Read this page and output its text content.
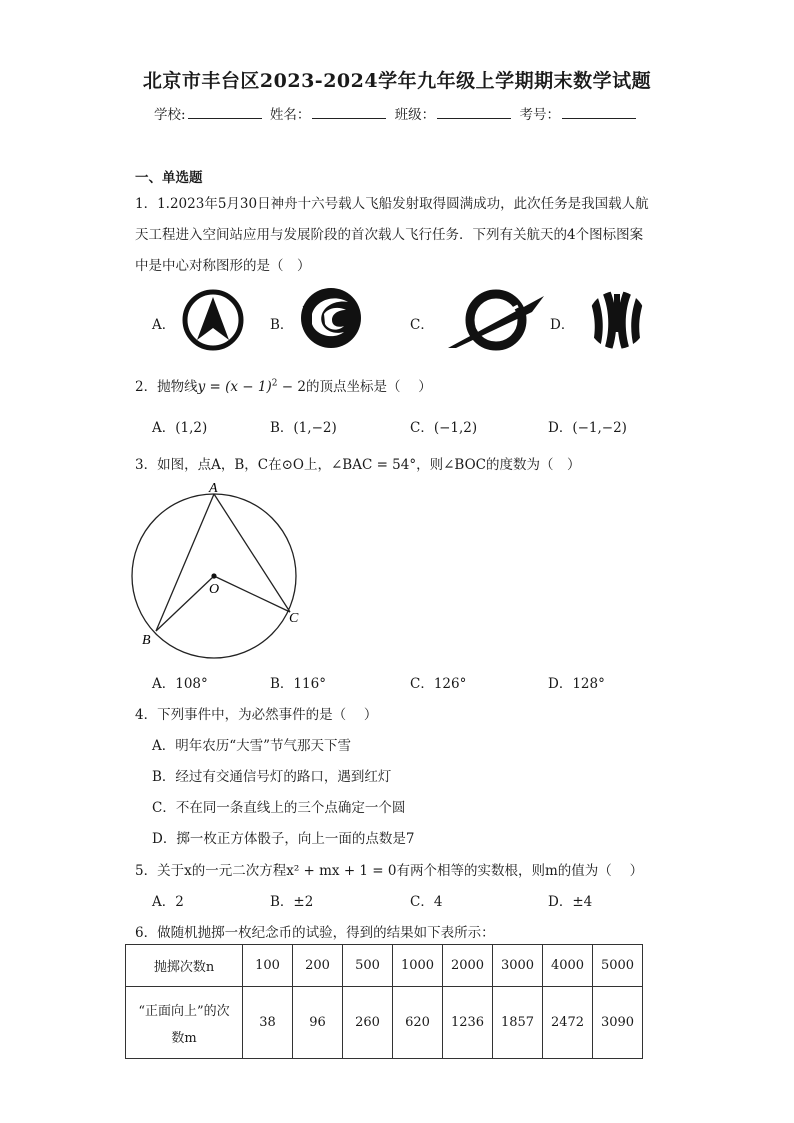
北京市丰台区2023-2024学年九年级上学期期末数学试题
学校:	姓名：	班级：	考号：
一、单选题
1．1.2023年5月30日神舟十六号载人飞船发射取得圆满成功，此次任务是我国载人航
天工程进入空间站应用与发展阶段的首次载人飞行任务．下列有关航天的4个图标图案
中是中心对称图形的是（　）
A．	B．	C．	D．
2．抛物线$y = (x - 1)^2 - 2$的顶点坐标是（　 ）
A．(1,2)	B．(1,−2)	C．(−1,2)	D．(−1,−2)
3．如图，点A，B，C在⊙O上，∠BAC = 54°，则∠BOC的度数为（　）
A
B
C
O
A．108°	B．116°	C．126°	D．128°
4．下列事件中，为必然事件的是（　 ）
A．明年农历“大雪”节气那天下雪
B．经过有交通信号灯的路口，遇到红灯
C．不在同一条直线上的三个点确定一个圆
D．掷一枚正方体骰子，向上一面的点数是7
5．关于x的一元二次方程x² + mx + 1 = 0有两个相等的实数根，则m的值为（　 ）
A．2	B．±2	C．4	D．±4
6．做随机抛掷一枚纪念币的试验，得到的结果如下表所示：
抛掷次数n	100	200	500	1000	2000	3000	4000	5000

“正面向上”的次
数m	38	96	260	620	1236	1857	2472	3090
